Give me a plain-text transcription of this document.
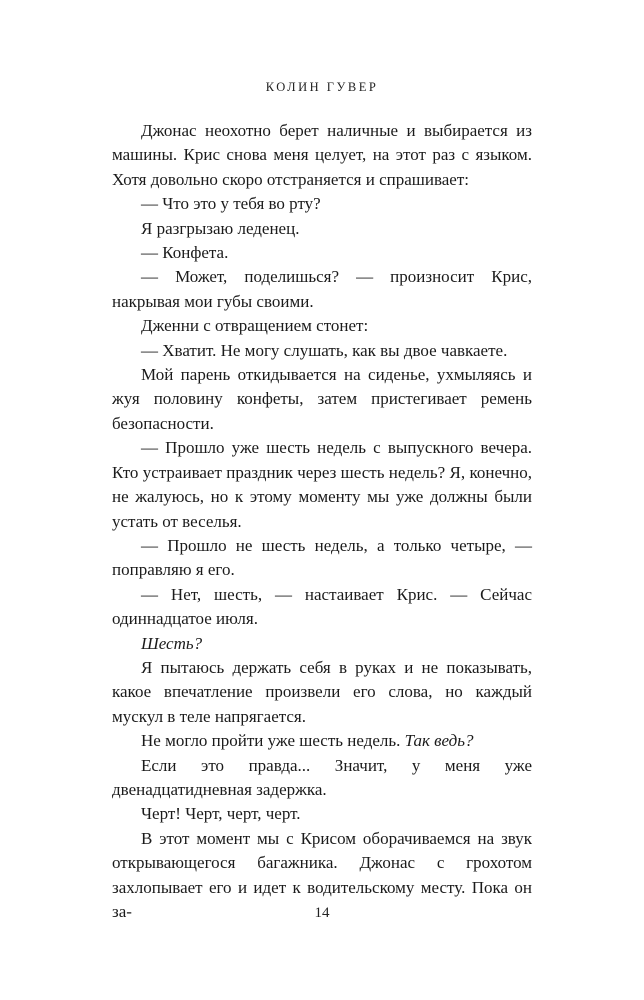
КОЛИН ГУВЕР

Джонас неохотно берет наличные и выбирается из машины. Крис снова меня целует, на этот раз с языком. Хотя довольно скоро отстраняется и спрашивает:

— Что это у тебя во рту?

Я разгрызаю леденец.

— Конфета.

— Может, поделишься? — произносит Крис, накрывая мои губы своими.

Дженни с отвращением стонет:

— Хватит. Не могу слушать, как вы двое чавкаете.

Мой парень откидывается на сиденье, ухмыляясь и жуя половину конфеты, затем пристегивает ремень безопасности.

— Прошло уже шесть недель с выпускного вечера. Кто устраивает праздник через шесть недель? Я, конечно, не жалуюсь, но к этому моменту мы уже должны были устать от веселья.

— Прошло не шесть недель, а только четыре, — поправляю я его.

— Нет, шесть, — настаивает Крис. — Сейчас одиннадцатое июля.

Шесть?

Я пытаюсь держать себя в руках и не показывать, какое впечатление произвели его слова, но каждый мускул в теле напрягается.

Не могло пройти уже шесть недель. Так ведь?

Если это правда... Значит, у меня уже двенадцатидневная задержка.

Черт! Черт, черт, черт.

В этот момент мы с Крисом оборачиваемся на звук открывающегося багажника. Джонас с грохотом захлопывает его и идет к водительскому месту. Пока он за-	14
